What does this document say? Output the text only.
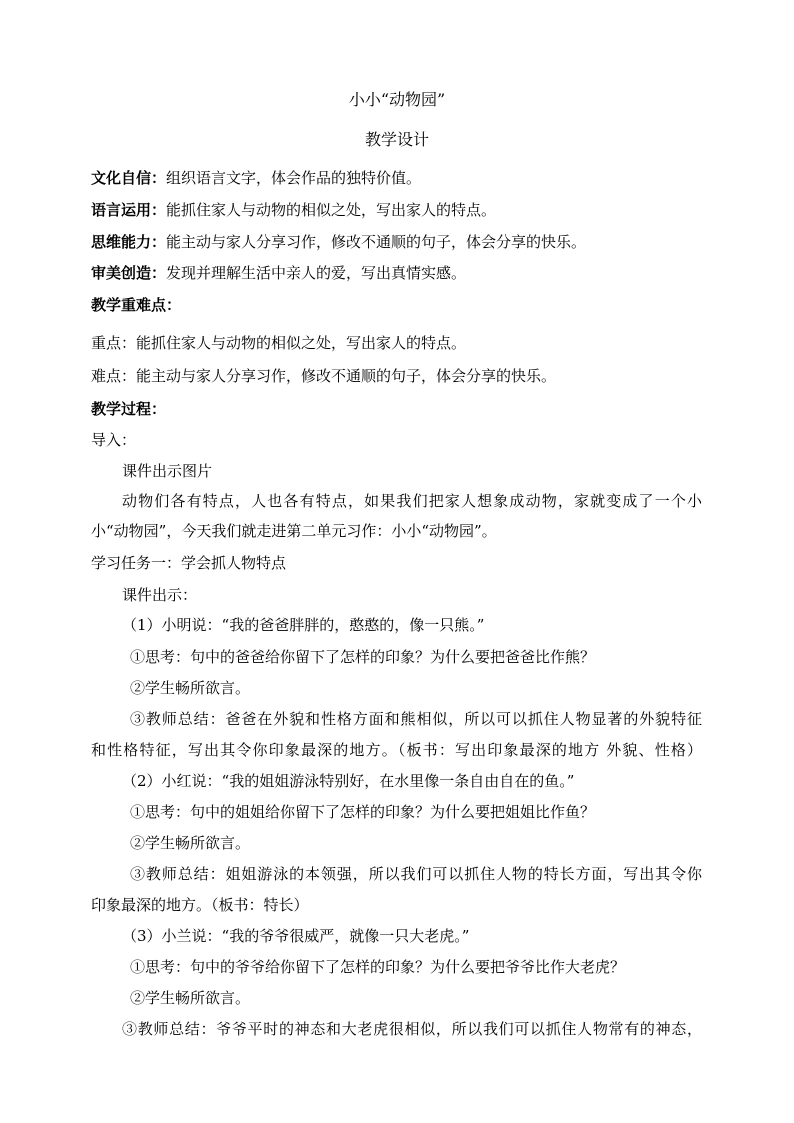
小小“动物园”
教学设计
文化自信：组织语言文字，体会作品的独特价值。
语言运用：能抓住家人与动物的相似之处，写出家人的特点。
思维能力：能主动与家人分享习作，修改不通顺的句子，体会分享的快乐。
审美创造：发现并理解生活中亲人的爱，写出真情实感。
教学重难点：
重点：能抓住家人与动物的相似之处，写出家人的特点。
难点：能主动与家人分享习作，修改不通顺的句子，体会分享的快乐。
教学过程：
导入：
课件出示图片
动物们各有特点，人也各有特点，如果我们把家人想象成动物，家就变成了一个小
小“动物园”，今天我们就走进第二单元习作：小小“动物园”。
学习任务一：学会抓人物特点
课件出示：
（1）小明说：“我的爸爸胖胖的，憨憨的，像一只熊。”
①思考：句中的爸爸给你留下了怎样的印象？为什么要把爸爸比作熊？
②学生畅所欲言。
③教师总结：爸爸在外貌和性格方面和熊相似，所以可以抓住人物显著的外貌特征
和性格特征，写出其令你印象最深的地方。（板书：写出印象最深的地方 外貌、性格）
（2）小红说：“我的姐姐游泳特别好，在水里像一条自由自在的鱼。”
①思考：句中的姐姐给你留下了怎样的印象？为什么要把姐姐比作鱼？
②学生畅所欲言。
③教师总结：姐姐游泳的本领强，所以我们可以抓住人物的特长方面，写出其令你
印象最深的地方。（板书：特长）
（3）小兰说：“我的爷爷很威严，就像一只大老虎。”
①思考：句中的爷爷给你留下了怎样的印象？为什么要把爷爷比作大老虎？
②学生畅所欲言。
③教师总结：爷爷平时的神态和大老虎很相似，所以我们可以抓住人物常有的神态，
